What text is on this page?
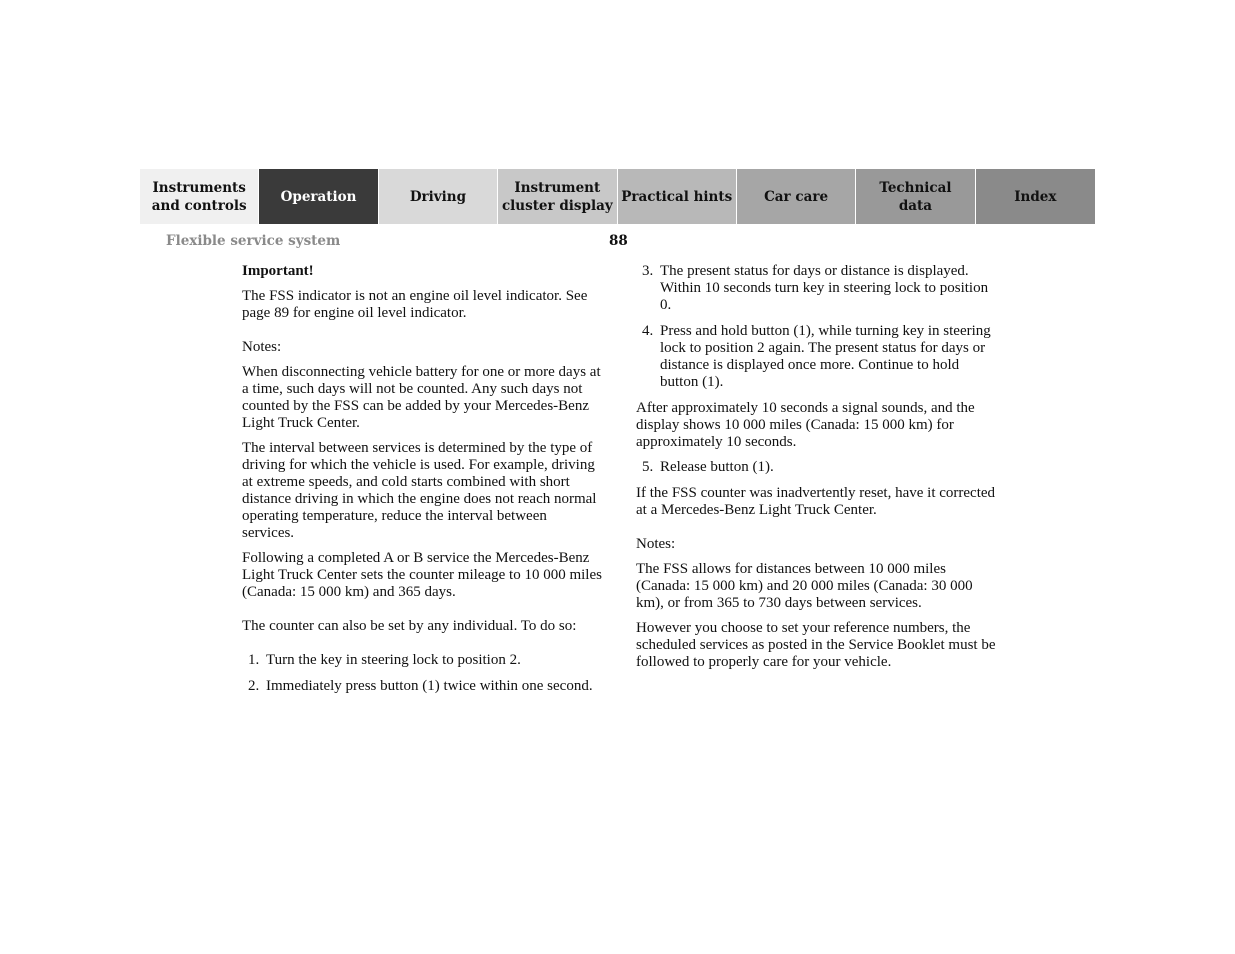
Instruments
and controls
Operation	Driving
Instrument
cluster display
Practical hints	Car care
Technical
data
Index
Flexible service system	88

Important!

The FSS indicator is not an engine oil level indicator. See page 89 for engine oil level indicator.

Notes:

When disconnecting vehicle battery for one or more days at a time, such days will not be counted. Any such days not counted by the FSS can be added by your Mercedes-Benz Light Truck Center.

The interval between services is determined by the type of driving for which the vehicle is used. For example, driving at extreme speeds, and cold starts combined with short distance driving in which the engine does not reach normal operating temperature, reduce the interval between services.

Following a completed A or B service the Mercedes-Benz Light Truck Center sets the counter mileage to 10 000 miles (Canada: 15 000 km) and 365 days.

The counter can also be set by any individual. To do so:

1. Turn the key in steering lock to position 2.
2. Immediately press button (1) twice within one second.
3. The present status for days or distance is displayed. Within 10 seconds turn key in steering lock to position 0.
4. Press and hold button (1), while turning key in steering lock to position 2 again. The present status for days or distance is displayed once more. Continue to hold button (1).

After approximately 10 seconds a signal sounds, and the display shows 10 000 miles (Canada: 15 000 km) for approximately 10 seconds.

5. Release button (1).

If the FSS counter was inadvertently reset, have it corrected at a Mercedes-Benz Light Truck Center.

Notes:

The FSS allows for distances between 10 000 miles (Canada: 15 000 km) and 20 000 miles (Canada: 30 000 km), or from 365 to 730 days between services.

However you choose to set your reference numbers, the scheduled services as posted in the Service Booklet must be followed to properly care for your vehicle.
